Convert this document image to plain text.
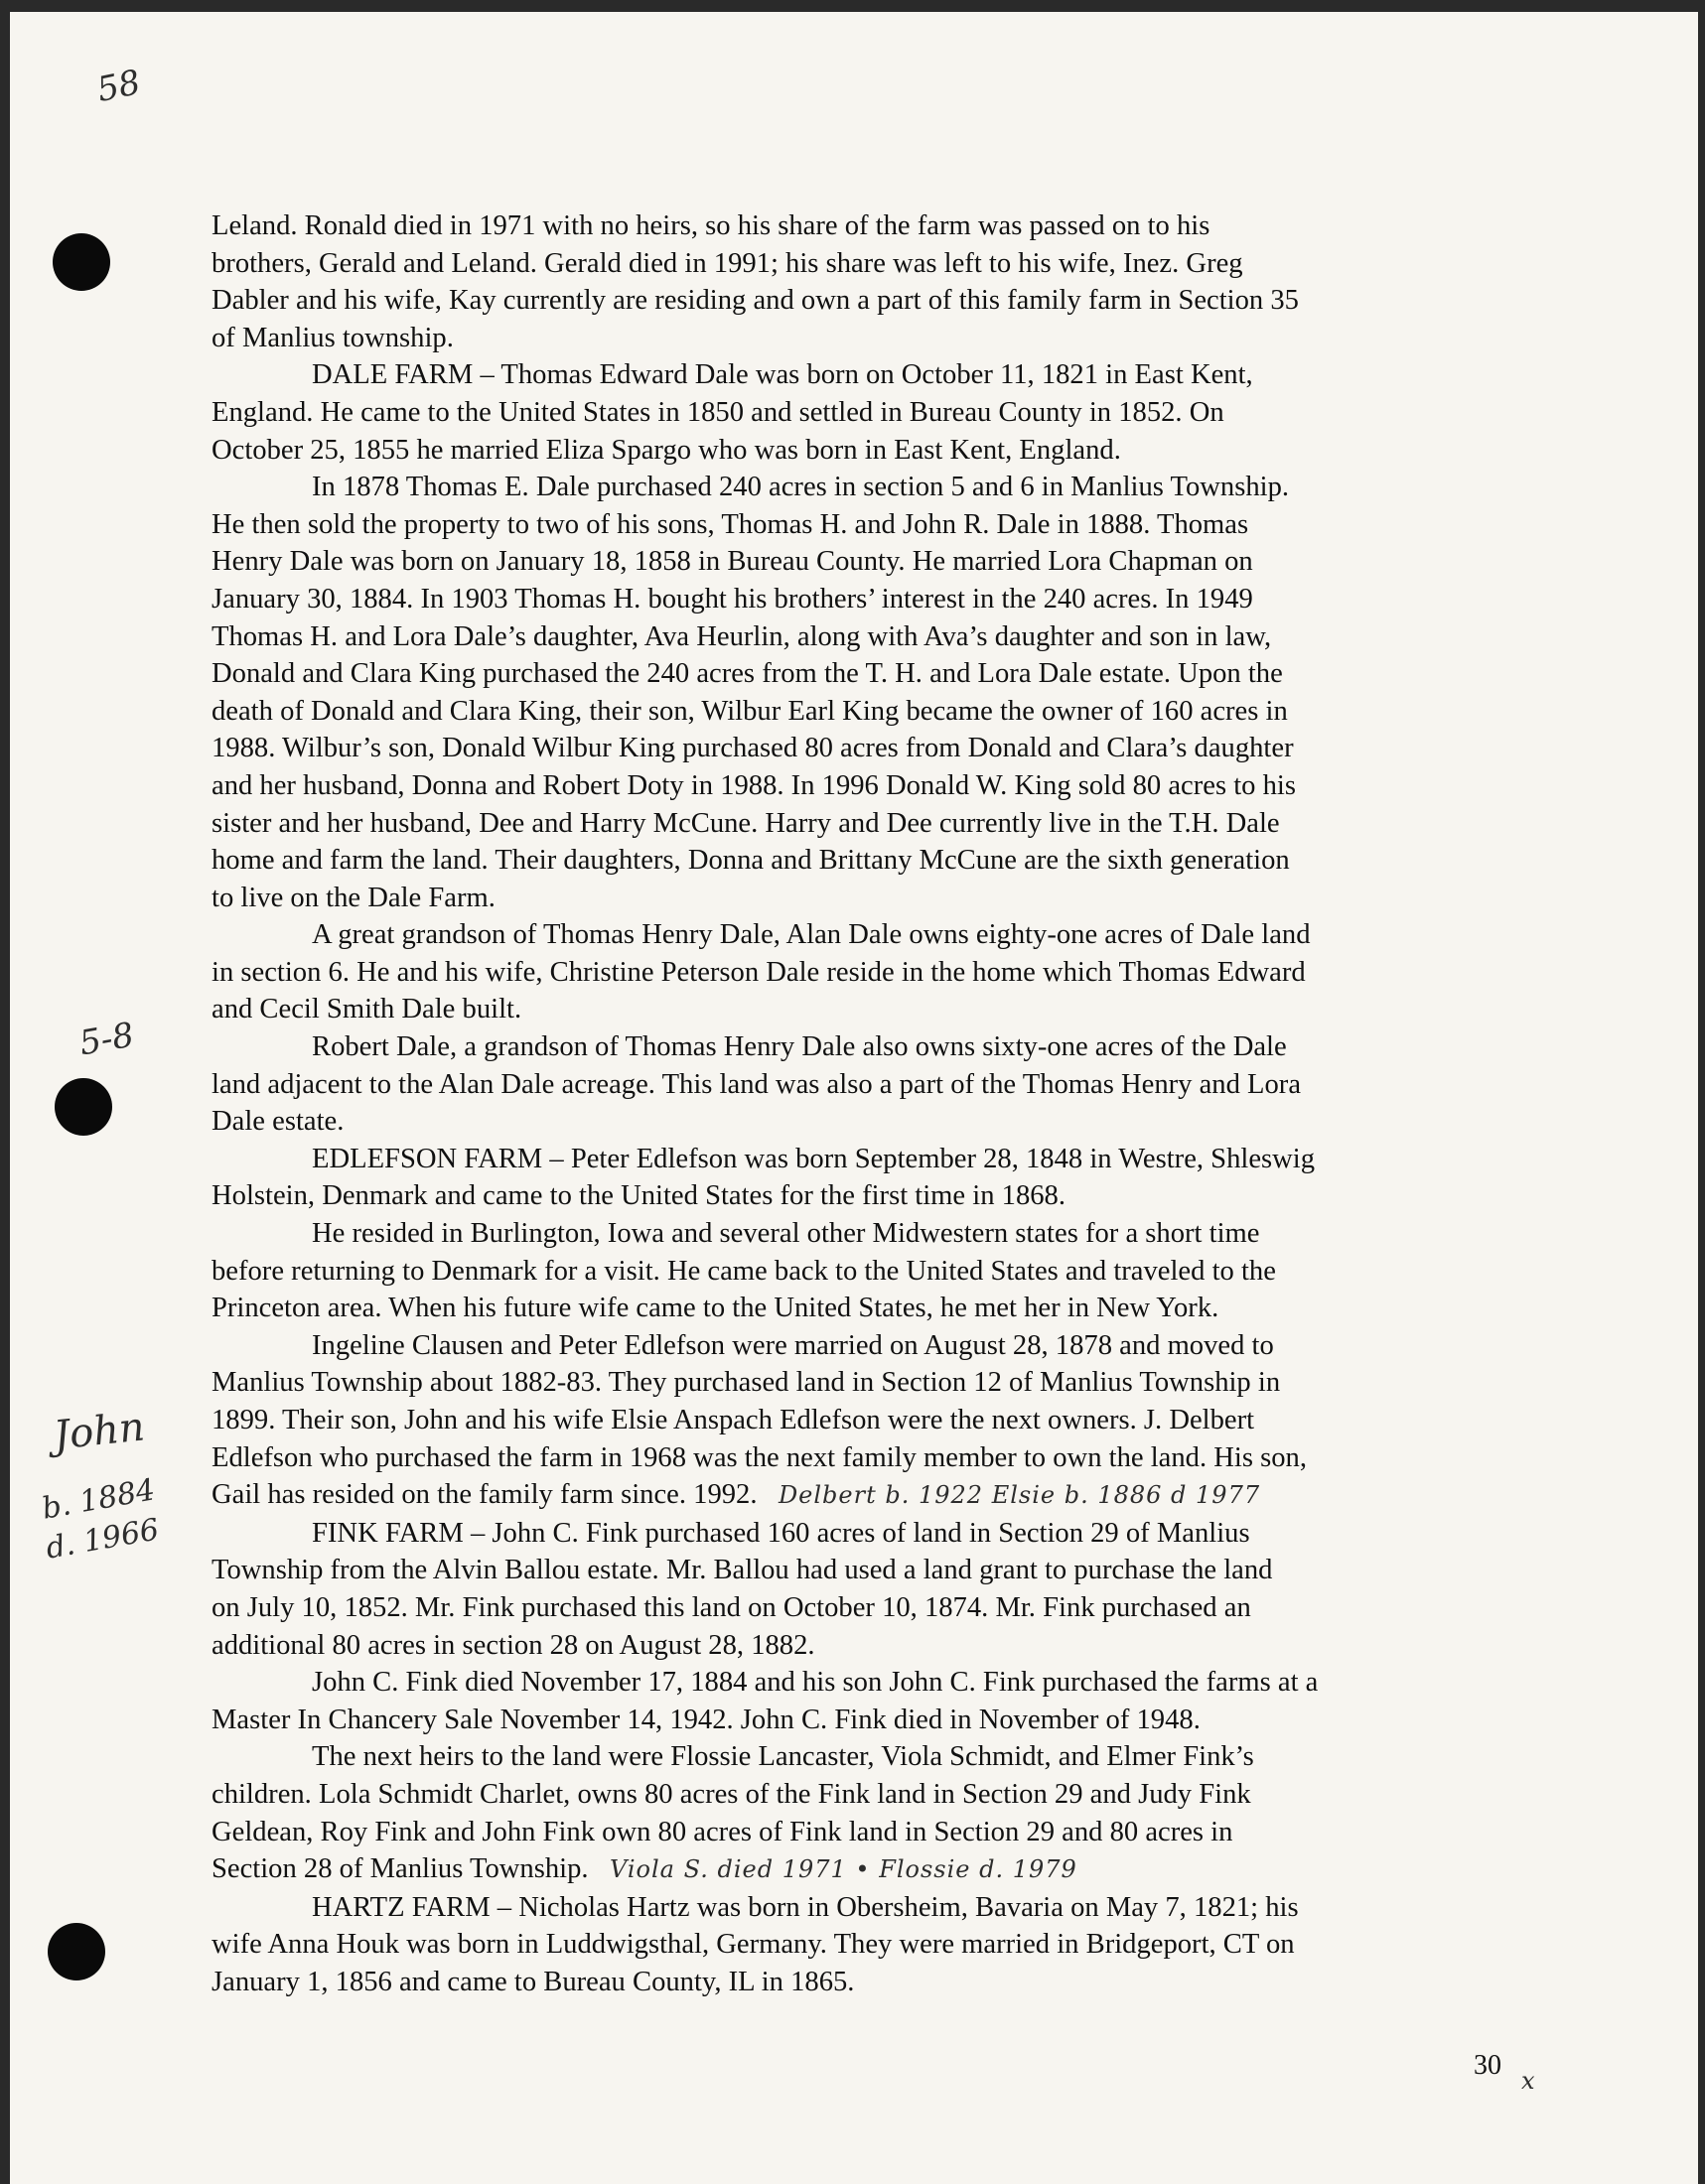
58
5-8
John
b. 1884
d. 1966
Leland. Ronald died in 1971 with no heirs, so his share of the farm was passed on to his
brothers, Gerald and Leland. Gerald died in 1991; his share was left to his wife, Inez. Greg
Dabler and his wife, Kay currently are residing and own a part of this family farm in Section 35
of Manlius township.
DALE FARM – Thomas Edward Dale was born on October 11, 1821 in East Kent,
England. He came to the United States in 1850 and settled in Bureau County in 1852. On
October 25, 1855 he married Eliza Spargo who was born in East Kent, England.
In 1878 Thomas E. Dale purchased 240 acres in section 5 and 6 in Manlius Township.
He then sold the property to two of his sons, Thomas H. and John R. Dale in 1888. Thomas
Henry Dale was born on January 18, 1858 in Bureau County. He married Lora Chapman on
January 30, 1884. In 1903 Thomas H. bought his brothers’ interest in the 240 acres. In 1949
Thomas H. and Lora Dale’s daughter, Ava Heurlin, along with Ava’s daughter and son in law,
Donald and Clara King purchased the 240 acres from the T. H. and Lora Dale estate. Upon the
death of Donald and Clara King, their son, Wilbur Earl King became the owner of 160 acres in
1988. Wilbur’s son, Donald Wilbur King purchased 80 acres from Donald and Clara’s daughter
and her husband, Donna and Robert Doty in 1988. In 1996 Donald W. King sold 80 acres to his
sister and her husband, Dee and Harry McCune. Harry and Dee currently live in the T.H. Dale
home and farm the land. Their daughters, Donna and Brittany McCune are the sixth generation
to live on the Dale Farm.
A great grandson of Thomas Henry Dale, Alan Dale owns eighty-one acres of Dale land
in section 6. He and his wife, Christine Peterson Dale reside in the home which Thomas Edward
and Cecil Smith Dale built.
Robert Dale, a grandson of Thomas Henry Dale also owns sixty-one acres of the Dale
land adjacent to the Alan Dale acreage. This land was also a part of the Thomas Henry and Lora
Dale estate.
EDLEFSON FARM – Peter Edlefson was born September 28, 1848 in Westre, Shleswig
Holstein, Denmark and came to the United States for the first time in 1868.
He resided in Burlington, Iowa and several other Midwestern states for a short time
before returning to Denmark for a visit. He came back to the United States and traveled to the
Princeton area. When his future wife came to the United States, he met her in New York.
Ingeline Clausen and Peter Edlefson were married on August 28, 1878 and moved to
Manlius Township about 1882-83. They purchased land in Section 12 of Manlius Township in
1899. Their son, John and his wife Elsie Anspach Edlefson were the next owners. J. Delbert
Edlefson who purchased the farm in 1968 was the next family member to own the land. His son,
Gail has resided on the family farm since. 1992. Delbert b. 1922 Elsie b. 1886 d 1977
FINK FARM – John C. Fink purchased 160 acres of land in Section 29 of Manlius
Township from the Alvin Ballou estate. Mr. Ballou had used a land grant to purchase the land
on July 10, 1852. Mr. Fink purchased this land on October 10, 1874. Mr. Fink purchased an
additional 80 acres in section 28 on August 28, 1882.
John C. Fink died November 17, 1884 and his son John C. Fink purchased the farms at a
Master In Chancery Sale November 14, 1942. John C. Fink died in November of 1948.
The next heirs to the land were Flossie Lancaster, Viola Schmidt, and Elmer Fink’s
children. Lola Schmidt Charlet, owns 80 acres of the Fink land in Section 29 and Judy Fink
Geldean, Roy Fink and John Fink own 80 acres of Fink land in Section 29 and 80 acres in
Section 28 of Manlius Township. Viola S. died 1971 • Flossie d. 1979
HARTZ FARM – Nicholas Hartz was born in Obersheim, Bavaria on May 7, 1821; his
wife Anna Houk was born in Luddwigsthal, Germany. They were married in Bridgeport, CT on
January 1, 1856 and came to Bureau County, IL in 1865.
30 x
